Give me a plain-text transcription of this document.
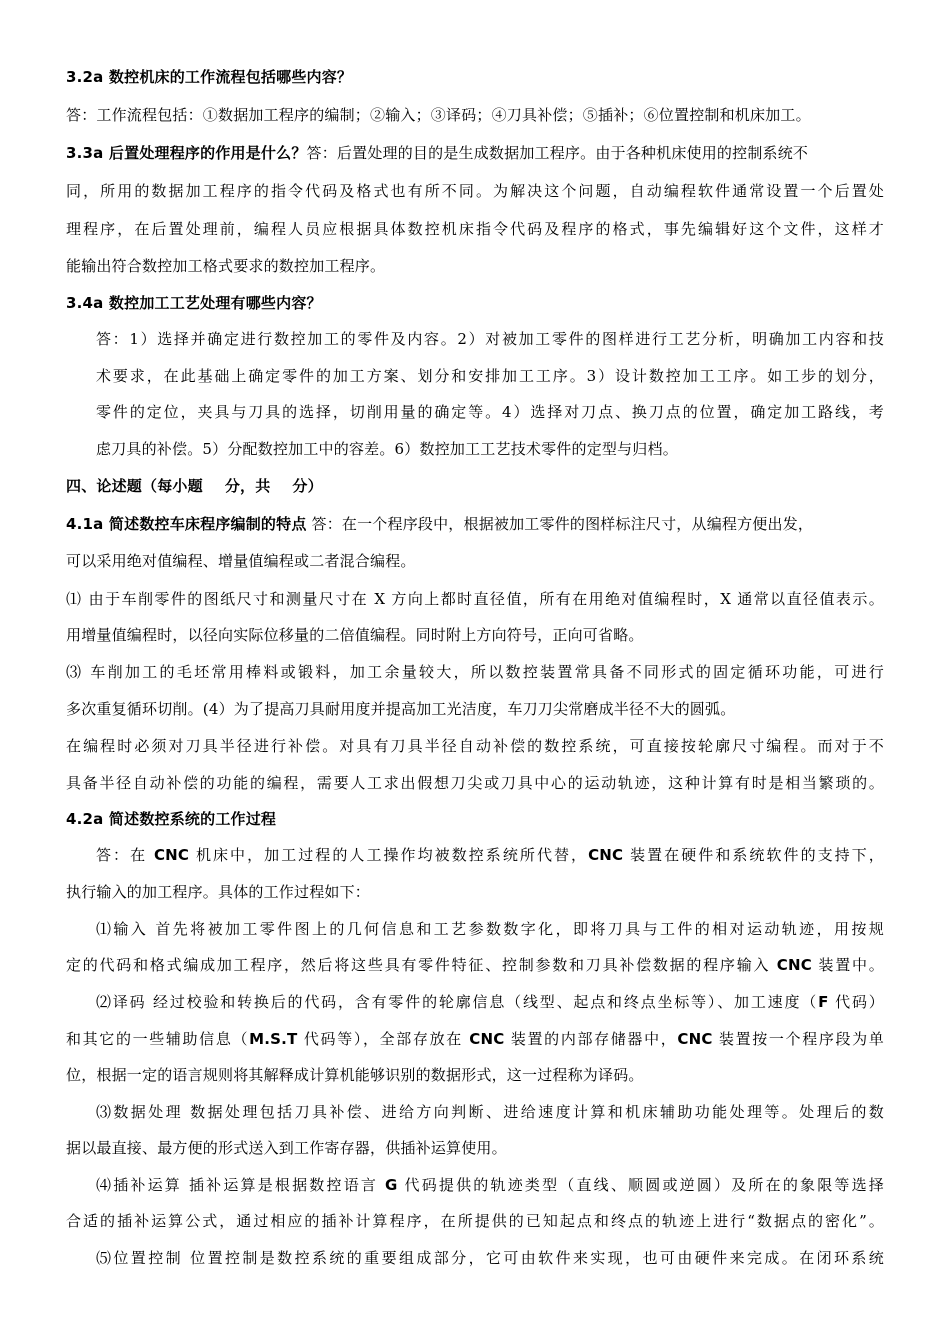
3.2a 数控机床的工作流程包括哪些内容？
答：工作流程包括：①数据加工程序的编制；②输入；③译码；④刀具补偿；⑤插补；⑥位置控制和机床加工。
3.3a 后置处理程序的作用是什么？答：后置处理的目的是生成数据加工程序。由于各种机床使用的控制系统不
同，所用的数据加工程序的指令代码及格式也有所不同。为解决这个问题，自动编程软件通常设置一个后置处
理程序，在后置处理前，编程人员应根据具体数控机床指令代码及程序的格式，事先编辑好这个文件，这样才
能输出符合数控加工格式要求的数控加工程序。
3.4a 数控加工工艺处理有哪些内容？
答：1）选择并确定进行数控加工的零件及内容。2）对被加工零件的图样进行工艺分析，明确加工内容和技
术要求，在此基础上确定零件的加工方案、划分和安排加工工序。3）设计数控加工工序。如工步的划分，
零件的定位，夹具与刀具的选择，切削用量的确定等。4）选择对刀点、换刀点的位置，确定加工路线，考
虑刀具的补偿。5）分配数控加工中的容差。6）数控加工工艺技术零件的定型与归档。
四、论述题（每小题 分，共 分）
4.1a 简述数控车床程序编制的特点 答：在一个程序段中，根据被加工零件的图样标注尺寸，从编程方便出发，
可以采用绝对值编程、增量值编程或二者混合编程。
⑴ 由于车削零件的图纸尺寸和测量尺寸在 X 方向上都时直径值，所有在用绝对值编程时，X 通常以直径值表示。
用增量值编程时，以径向实际位移量的二倍值编程。同时附上方向符号，正向可省略。
⑶ 车削加工的毛坯常用棒料或锻料，加工余量较大，所以数控装置常具备不同形式的固定循环功能，可进行
多次重复循环切削。(4）为了提高刀具耐用度并提高加工光洁度，车刀刀尖常磨成半径不大的圆弧。
在编程时必须对刀具半径进行补偿。对具有刀具半径自动补偿的数控系统，可直接按轮廓尺寸编程。而对于不
具备半径自动补偿的功能的编程，需要人工求出假想刀尖或刀具中心的运动轨迹，这种计算有时是相当繁琐的。
4.2a 简述数控系统的工作过程
答：在 CNC 机床中，加工过程的人工操作均被数控系统所代替，CNC 装置在硬件和系统软件的支持下，
执行输入的加工程序。具体的工作过程如下：
⑴输入 首先将被加工零件图上的几何信息和工艺参数数字化，即将刀具与工件的相对运动轨迹，用按规
定的代码和格式编成加工程序，然后将这些具有零件特征、控制参数和刀具补偿数据的程序输入 CNC 装置中。
⑵译码 经过校验和转换后的代码，含有零件的轮廓信息（线型、起点和终点坐标等）、加工速度（F 代码）
和其它的一些辅助信息（M.S.T 代码等），全部存放在 CNC 装置的内部存储器中，CNC 装置按一个程序段为单
位，根据一定的语言规则将其解释成计算机能够识别的数据形式，这一过程称为译码。
⑶数据处理 数据处理包括刀具补偿、进给方向判断、进给速度计算和机床辅助功能处理等。处理后的数
据以最直接、最方便的形式送入到工作寄存器，供插补运算使用。
⑷插补运算 插补运算是根据数控语言 G 代码提供的轨迹类型（直线、顺圆或逆圆）及所在的象限等选择
合适的插补运算公式，通过相应的插补计算程序，在所提供的已知起点和终点的轨迹上进行“数据点的密化”。
⑸位置控制 位置控制是数控系统的重要组成部分，它可由软件来实现，也可由硬件来完成。在闭环系统
